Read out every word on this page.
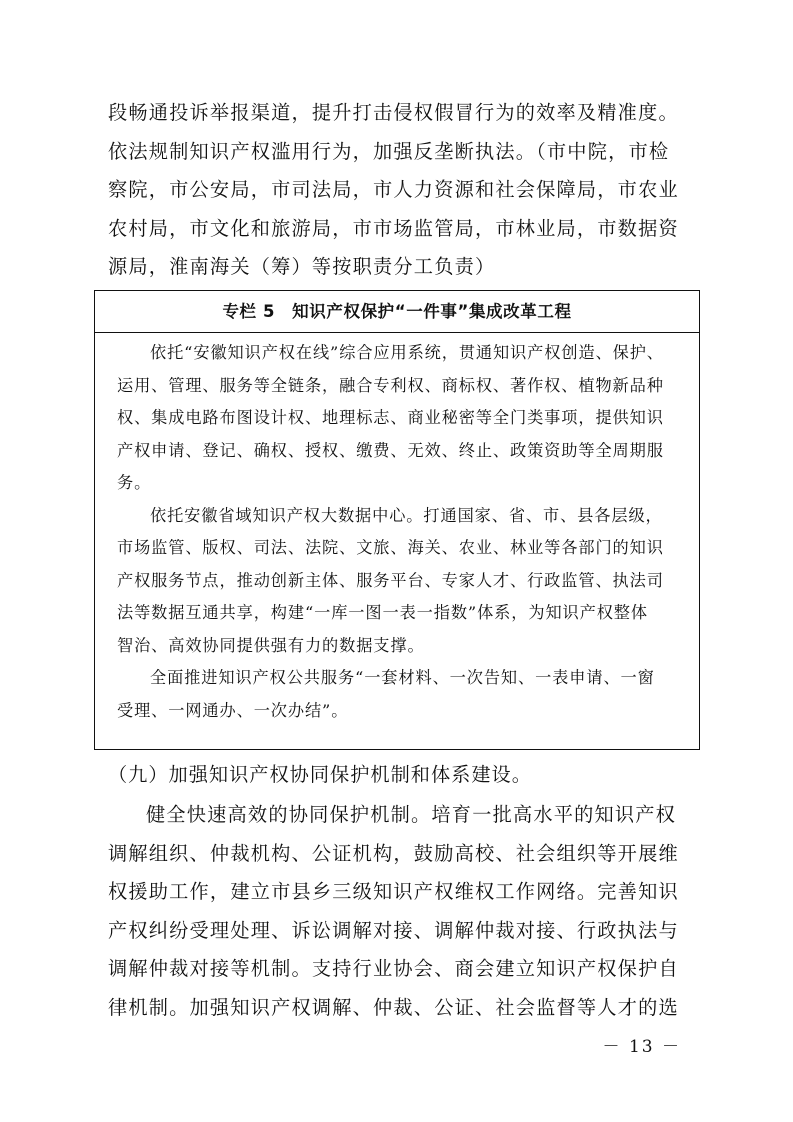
段畅通投诉举报渠道，提升打击侵权假冒行为的效率及精准度。
依法规制知识产权滥用行为，加强反垄断执法。（市中院，市检
察院，市公安局，市司法局，市人力资源和社会保障局，市农业
农村局，市文化和旅游局，市市场监管局，市林业局，市数据资
源局，淮南海关（筹）等按职责分工负责）
专栏 5　知识产权保护“一件事”集成改革工程

依托“安徽知识产权在线”综合应用系统，贯通知识产权创造、保护、
运用、管理、服务等全链条，融合专利权、商标权、著作权、植物新品种
权、集成电路布图设计权、地理标志、商业秘密等全门类事项，提供知识
产权申请、登记、确权、授权、缴费、无效、终止、政策资助等全周期服
务。

依托安徽省域知识产权大数据中心。打通国家、省、市、县各层级，
市场监管、版权、司法、法院、文旅、海关、农业、林业等各部门的知识
产权服务节点，推动创新主体、服务平台、专家人才、行政监管、执法司
法等数据互通共享，构建“一库一图一表一指数”体系，为知识产权整体
智治、高效协同提供强有力的数据支撑。

全面推进知识产权公共服务“一套材料、一次告知、一表申请、一窗
受理、一网通办、一次办结”。

（九）加强知识产权协同保护机制和体系建设。
健全快速高效的协同保护机制。培育一批高水平的知识产权
调解组织、仲裁机构、公证机构，鼓励高校、社会组织等开展维
权援助工作，建立市县乡三级知识产权维权工作网络。完善知识
产权纠纷受理处理、诉讼调解对接、调解仲裁对接、行政执法与
调解仲裁对接等机制。支持行业协会、商会建立知识产权保护自
律机制。加强知识产权调解、仲裁、公证、社会监督等人才的选
－ 13 －
